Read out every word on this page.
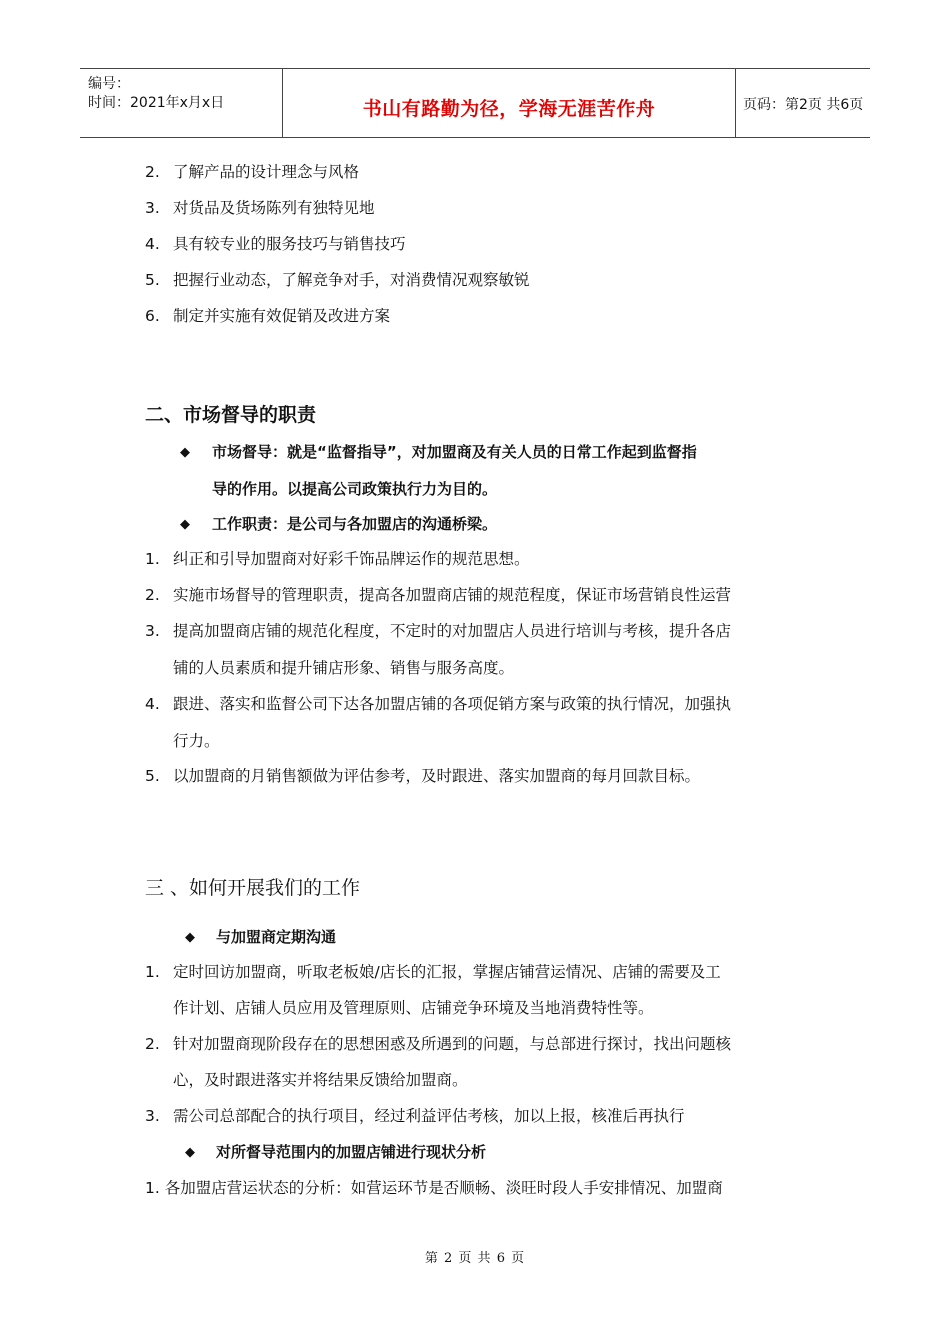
编号：
时间：2021年x月x日	书山有路勤为径，学海无涯苦作舟	页码：第2页 共6页
2. 了解产品的设计理念与风格
3. 对货品及货场陈列有独特见地
4. 具有较专业的服务技巧与销售技巧
5. 把握行业动态，了解竞争对手，对消费情况观察敏锐
6. 制定并实施有效促销及改进方案
二、市场督导的职责
◆ 市场督导：就是“监督指导”，对加盟商及有关人员的日常工作起到监督指
导的作用。以提高公司政策执行力为目的。
◆ 工作职责：是公司与各加盟店的沟通桥梁。
1. 纠正和引导加盟商对好彩千饰品牌运作的规范思想。
2. 实施市场督导的管理职责，提高各加盟商店铺的规范程度，保证市场营销良性运营
3. 提高加盟商店铺的规范化程度，不定时的对加盟店人员进行培训与考核，提升各店
铺的人员素质和提升铺店形象、销售与服务高度。
4. 跟进、落实和监督公司下达各加盟店铺的各项促销方案与政策的执行情况，加强执
行力。
5. 以加盟商的月销售额做为评估参考，及时跟进、落实加盟商的每月回款目标。
三 、如何开展我们的工作
◆ 与加盟商定期沟通
1. 定时回访加盟商，听取老板娘/店长的汇报，掌握店铺营运情况、店铺的需要及工
作计划、店铺人员应用及管理原则、店铺竞争环境及当地消费特性等。
2. 针对加盟商现阶段存在的思想困惑及所遇到的问题，与总部进行探讨，找出问题核
心，及时跟进落实并将结果反馈给加盟商。
3. 需公司总部配合的执行项目，经过利益评估考核，加以上报，核准后再执行
◆ 对所督导范围内的加盟店铺进行现状分析
1. 各加盟店营运状态的分析：如营运环节是否顺畅、淡旺时段人手安排情况、加盟商
第 2 页 共 6 页
